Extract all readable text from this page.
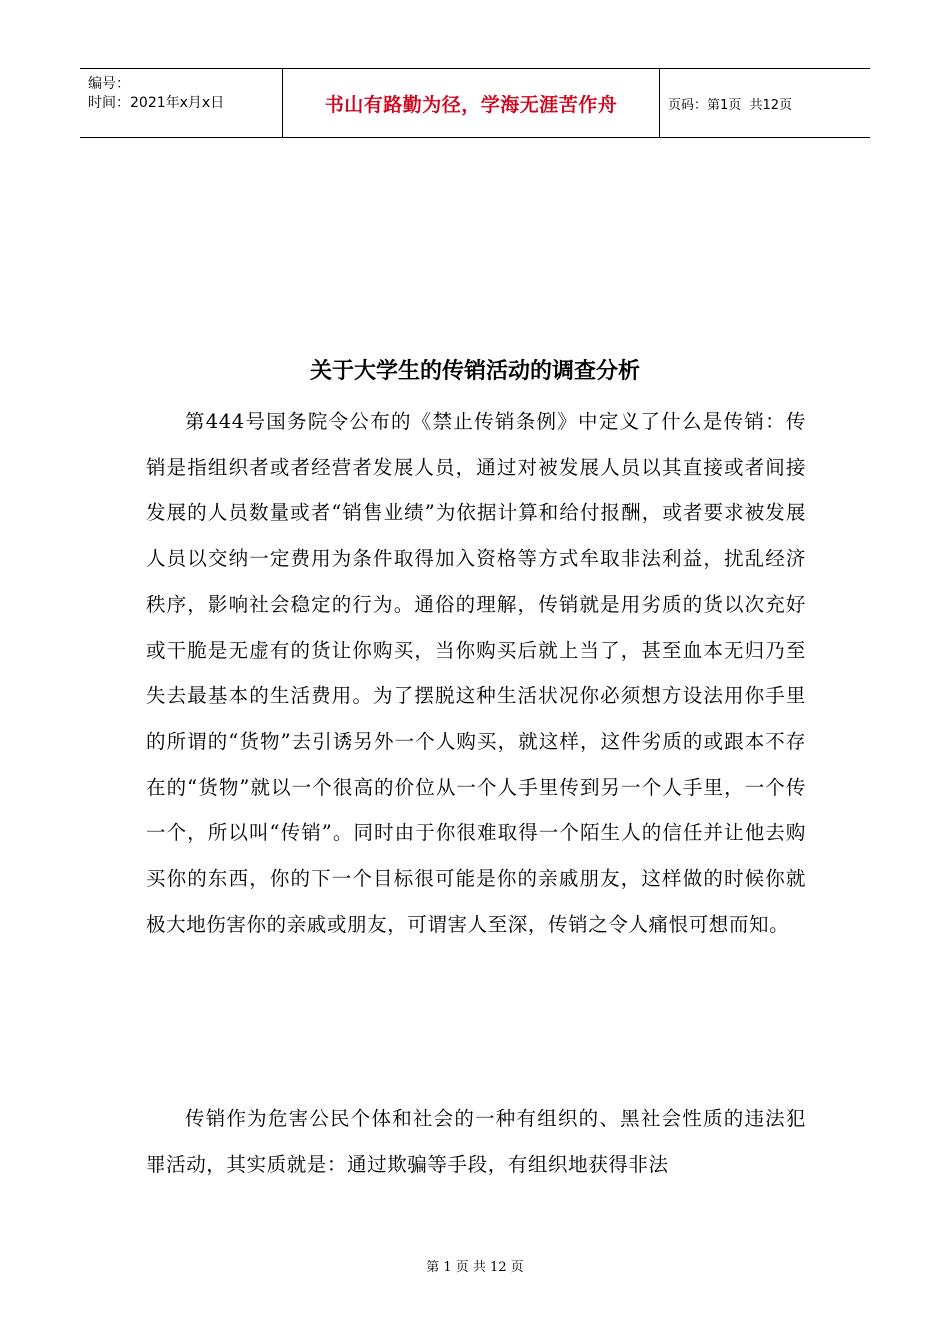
编号：
时间：2021年x月x日	书山有路勤为径，学海无涯苦作舟	页码：第1页  共12页
关于大学生的传销活动的调查分析

第444号国务院令公布的《禁止传销条例》中定义了什么是传销：传销是指组织者或者经营者发展人员，通过对被发展人员以其直接或者间接发展的人员数量或者“销售业绩”为依据计算和给付报酬，或者要求被发展人员以交纳一定费用为条件取得加入资格等方式牟取非法利益，扰乱经济秩序，影响社会稳定的行为。通俗的理解，传销就是用劣质的货以次充好或干脆是无虚有的货让你购买，当你购买后就上当了，甚至血本无归乃至失去最基本的生活费用。为了摆脱这种生活状况你必须想方设法用你手里的所谓的“货物”去引诱另外一个人购买，就这样，这件劣质的或跟本不存在的“货物”就以一个很高的价位从一个人手里传到另一个人手里，一个传一个，所以叫“传销”。同时由于你很难取得一个陌生人的信任并让他去购买你的东西，你的下一个目标很可能是你的亲戚朋友，这样做的时候你就极大地伤害你的亲戚或朋友，可谓害人至深，传销之令人痛恨可想而知。

传销作为危害公民个体和社会的一种有组织的、黑社会性质的违法犯罪活动，其实质就是：通过欺骗等手段，有组织地获得非法

第 1 页 共 12 页
